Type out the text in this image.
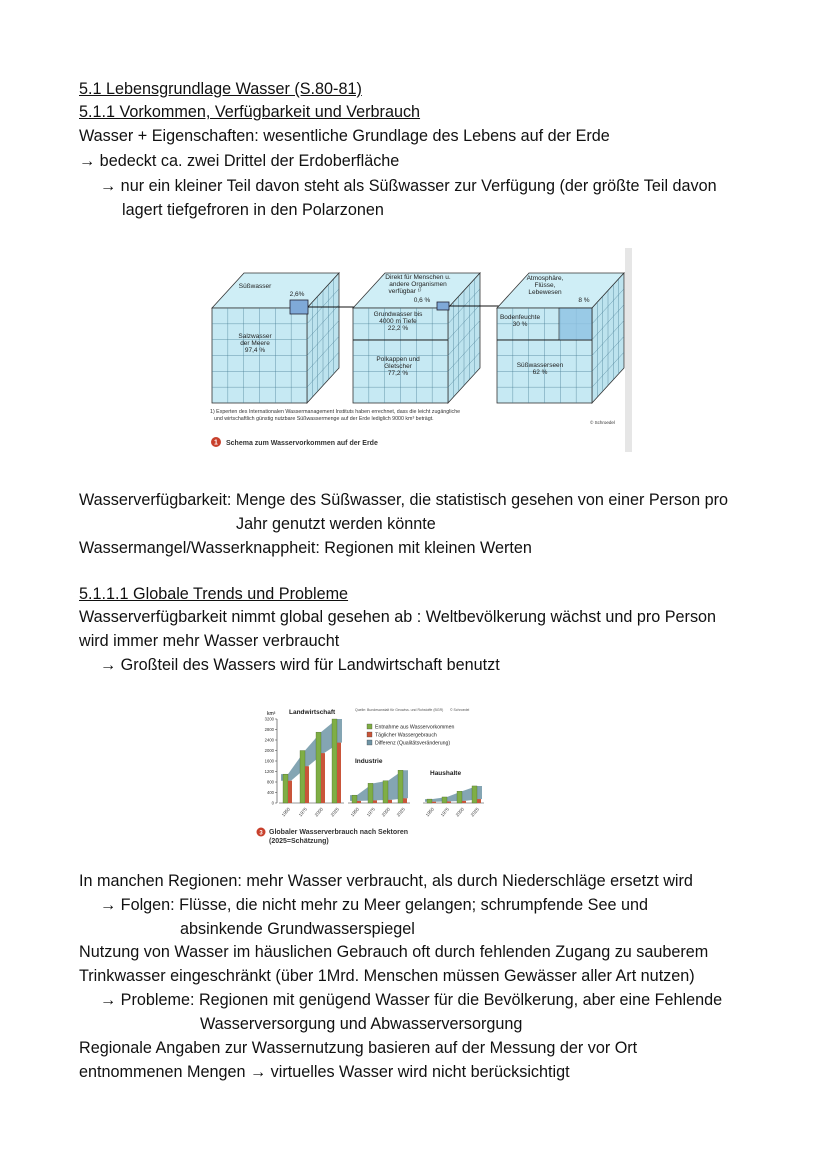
5.1 Lebensgrundlage Wasser (S.80-81)
5.1.1 Vorkommen, Verfügbarkeit und Verbrauch
Wasser + Eigenschaften: wesentliche Grundlage des Lebens auf der Erde
→ bedeckt ca. zwei Drittel der Erdoberfläche
→ nur ein kleiner Teil davon steht als Süßwasser zur Verfügung (der größte Teil davon
lagert tiefgefroren in den Polarzonen
Süßwasser
2,6%
Salzwasser
der Meere
97,4 %
Direkt für Menschen u.
andere Organismen
verfügbar ¹⁾
0,6 %
Grundwasser bis
4000 m Tiefe
22,2 %
Polkappen und
Gletscher
77,2 %
Atmosphäre,
Flüsse,
Lebewesen
8 %
Bodenfeuchte
30 %
Süßwasserseen
62 %
1) Experten des Internationalen Wassermanagement Instituts haben errechnet, dass die leicht zugängliche
und wirtschaftlich günstig nutzbare Süßwassermenge auf der Erde lediglich 9000 km³ beträgt.
© Schroedel
1 Schema zum Wasservorkommen auf der Erde
Wasserverfügbarkeit: Menge des Süßwasser, die statistisch gesehen von einer Person pro
Jahr genutzt werden könnte
Wassermangel/Wasserknappheit: Regionen mit kleinen Werten
5.1.1.1 Globale Trends und Probleme
Wasserverfügbarkeit nimmt global gesehen ab : Weltbevölkerung wächst und pro Person
wird immer mehr Wasser verbraucht
→ Großteil des Wassers wird für Landwirtschaft benutzt
km³
0
400
800
1200
1600
2000
2400
2800
3200
1950 1975 2000 2025
Landwirtschaft
1950 1975 2000 2025
Industrie
1950 1975 2000 2025
Haushalte
Quelle: Bundesanstalt für Geowiss. und Rohstoffe (BGR) © Schroedel
Entnahme aus Wasservorkommen
Täglicher Wassergebrauch
Differenz (Qualitätsveränderung)
3 Globaler Wasserverbrauch nach Sektoren
(2025=Schätzung)
In manchen Regionen: mehr Wasser verbraucht, als durch Niederschläge ersetzt wird
→ Folgen: Flüsse, die nicht mehr zu Meer gelangen; schrumpfende See und
absinkende Grundwasserspiegel
Nutzung von Wasser im häuslichen Gebrauch oft durch fehlenden Zugang zu sauberem
Trinkwasser eingeschränkt (über 1Mrd. Menschen müssen Gewässer aller Art nutzen)
→ Probleme: Regionen mit genügend Wasser für die Bevölkerung, aber eine Fehlende
Wasserversorgung und Abwasserversorgung
Regionale Angaben zur Wassernutzung basieren auf der Messung der vor Ort
entnommenen Mengen → virtuelles Wasser wird nicht berücksichtigt
